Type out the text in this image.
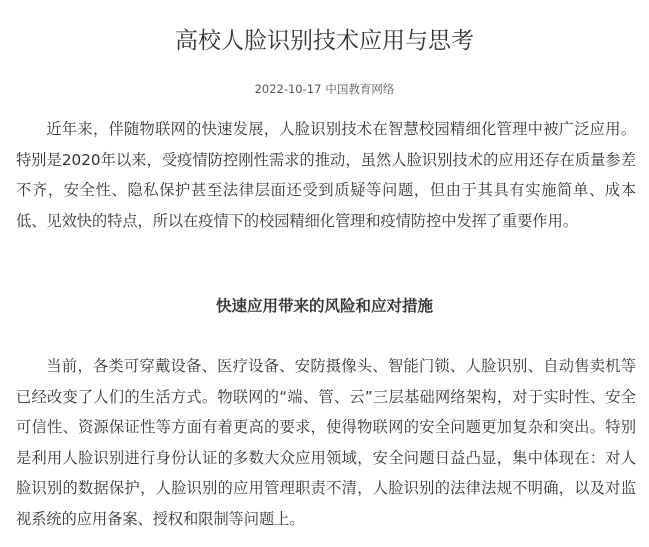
高校人脸识别技术应用与思考
2022-10-17 中国教育网络

近年来，伴随物联网的快速发展，人脸识别技术在智慧校园精细化管理中被广泛应用。特别是2020年以来，受疫情防控刚性需求的推动，虽然人脸识别技术的应用还存在质量参差不齐，安全性、隐私保护甚至法律层面还受到质疑等问题，但由于其具有实施简单、成本低、见效快的特点，所以在疫情下的校园精细化管理和疫情防控中发挥了重要作用。

快速应用带来的风险和应对措施

当前，各类可穿戴设备、医疗设备、安防摄像头、智能门锁、人脸识别、自动售卖机等已经改变了人们的生活方式。物联网的“端、管、云”三层基础网络架构，对于实时性、安全可信性、资源保证性等方面有着更高的要求，使得物联网的安全问题更加复杂和突出。特别是利用人脸识别进行身份认证的多数大众应用领域，安全问题日益凸显，集中体现在：对人脸识别的数据保护，人脸识别的应用管理职责不清，人脸识别的法律法规不明确，以及对监视系统的应用备案、授权和限制等问题上。
